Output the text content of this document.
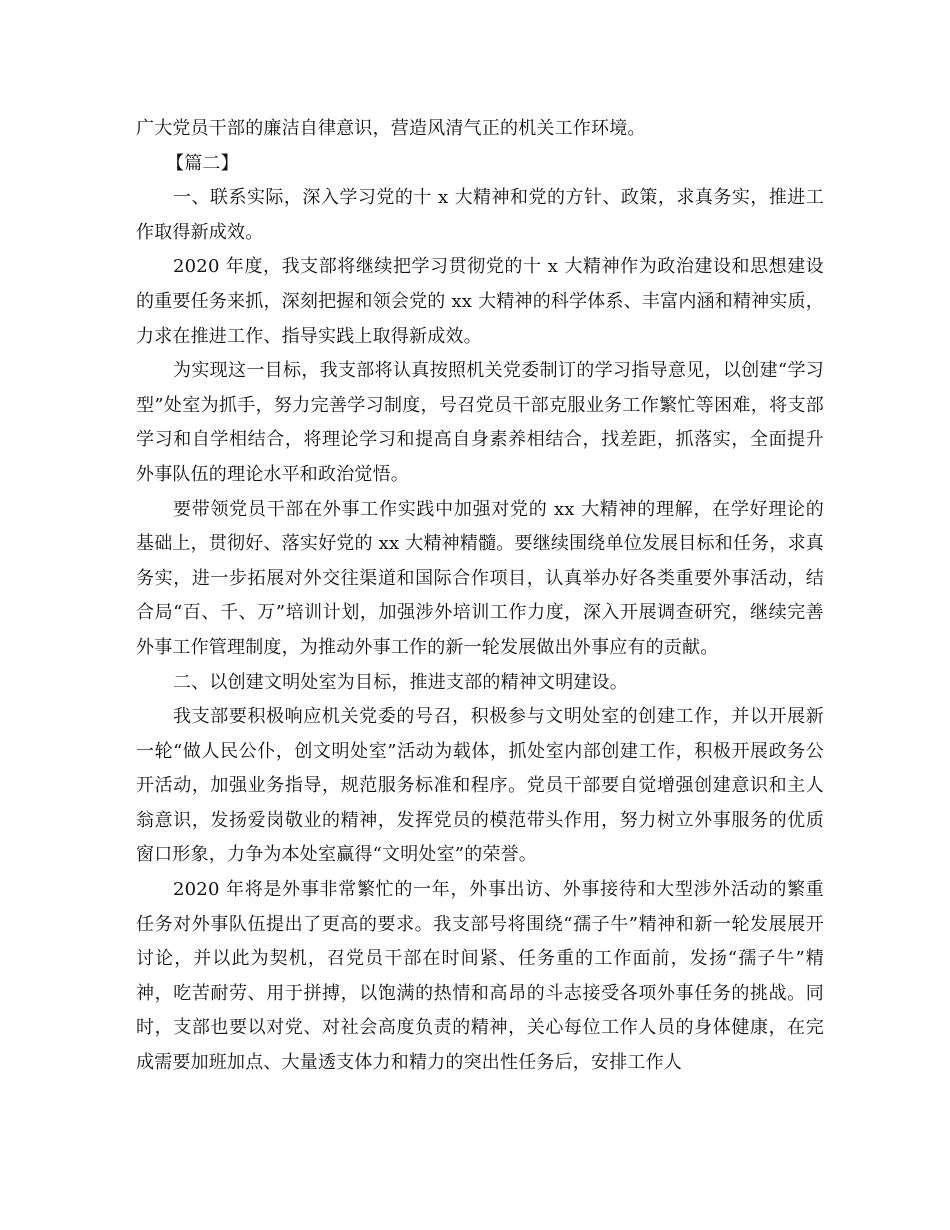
广大党员干部的廉洁自律意识，营造风清气正的机关工作环境。

【篇二】

一、联系实际，深入学习党的十 x 大精神和党的方针、政策，求真务实，推进工作取得新成效。

2020 年度，我支部将继续把学习贯彻党的十 x 大精神作为政治建设和思想建设的重要任务来抓，深刻把握和领会党的 xx 大精神的科学体系、丰富内涵和精神实质，力求在推进工作、指导实践上取得新成效。

为实现这一目标，我支部将认真按照机关党委制订的学习指导意见，以创建“学习型”处室为抓手，努力完善学习制度，号召党员干部克服业务工作繁忙等困难，将支部学习和自学相结合，将理论学习和提高自身素养相结合，找差距，抓落实，全面提升外事队伍的理论水平和政治觉悟。

要带领党员干部在外事工作实践中加强对党的 xx 大精神的理解，在学好理论的基础上，贯彻好、落实好党的 xx 大精神精髓。要继续围绕单位发展目标和任务，求真务实，进一步拓展对外交往渠道和国际合作项目，认真举办好各类重要外事活动，结合局“百、千、万”培训计划，加强涉外培训工作力度，深入开展调查研究，继续完善外事工作管理制度，为推动外事工作的新一轮发展做出外事应有的贡献。

二、以创建文明处室为目标，推进支部的精神文明建设。

我支部要积极响应机关党委的号召，积极参与文明处室的创建工作，并以开展新一轮“做人民公仆，创文明处室”活动为载体，抓处室内部创建工作，积极开展政务公开活动，加强业务指导，规范服务标准和程序。党员干部要自觉增强创建意识和主人翁意识，发扬爱岗敬业的精神，发挥党员的模范带头作用，努力树立外事服务的优质窗口形象，力争为本处室赢得“文明处室”的荣誉。

2020 年将是外事非常繁忙的一年，外事出访、外事接待和大型涉外活动的繁重任务对外事队伍提出了更高的要求。我支部号将围绕“孺子牛”精神和新一轮发展展开讨论，并以此为契机，召党员干部在时间紧、任务重的工作面前，发扬“孺子牛”精神，吃苦耐劳、用于拼搏，以饱满的热情和高昂的斗志接受各项外事任务的挑战。同时，支部也要以对党、对社会高度负责的精神，关心每位工作人员的身体健康，在完成需要加班加点、大量透支体力和精力的突出性任务后，安排工作人
